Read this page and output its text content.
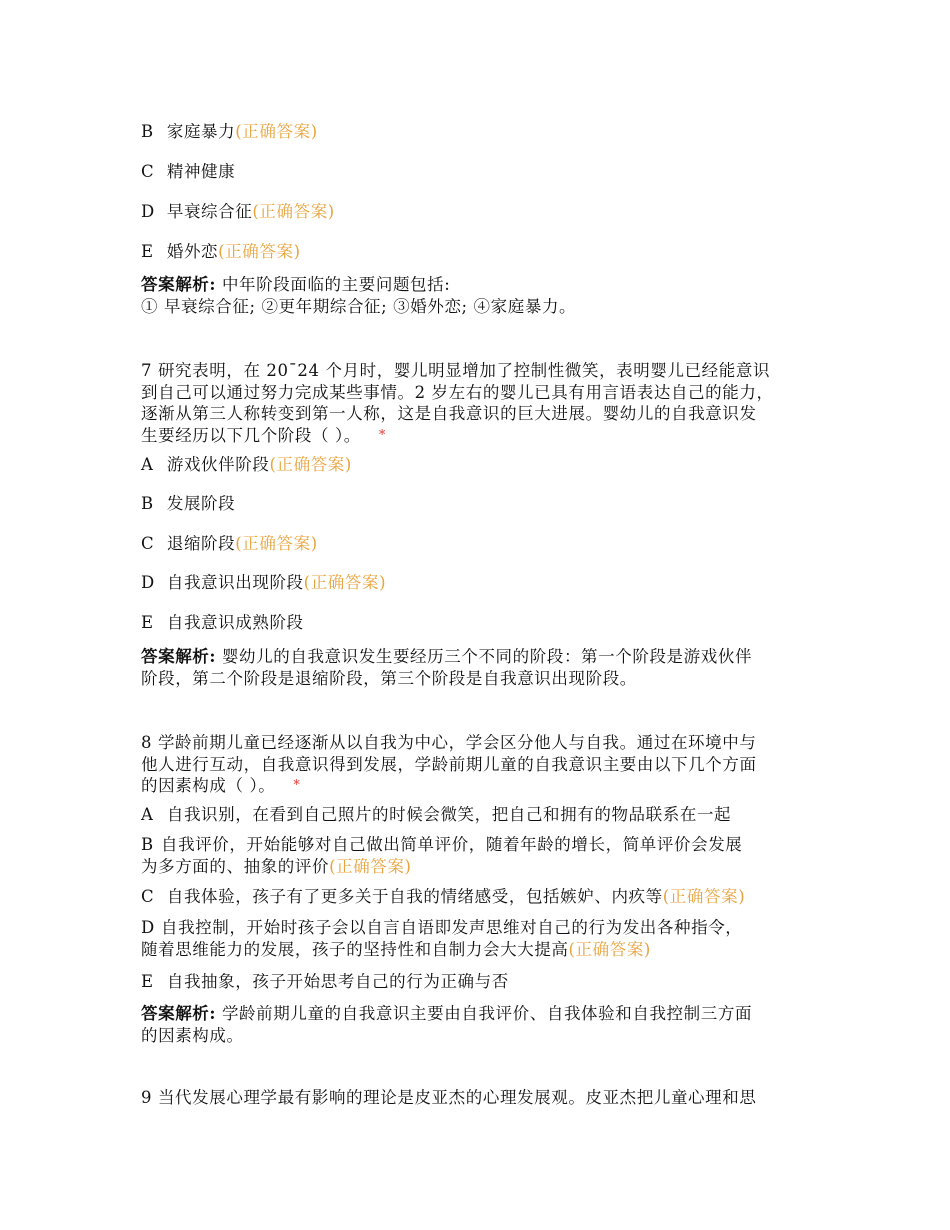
B 家庭暴力(正确答案)
C 精神健康
D 早衰综合征(正确答案)
E 婚外恋(正确答案)
答案解析: 中年阶段面临的主要问题包括:
① 早衰综合征; ②更年期综合征; ③婚外恋; ④家庭暴力。
7 研究表明，在 20¯24 个月时，婴儿明显增加了控制性微笑，表明婴儿已经能意识
到自己可以通过努力完成某些事情。2 岁左右的婴儿已具有用言语表达自己的能力，
逐渐从第三人称转变到第一人称，这是自我意识的巨大进展。婴幼儿的自我意识发
生要经历以下几个阶段（ ）。 *
A 游戏伙伴阶段(正确答案)
B 发展阶段
C 退缩阶段(正确答案)
D 自我意识出现阶段(正确答案)
E 自我意识成熟阶段
答案解析: 婴幼儿的自我意识发生要经历三个不同的阶段：第一个阶段是游戏伙伴
阶段，第二个阶段是退缩阶段，第三个阶段是自我意识出现阶段。
8 学龄前期儿童已经逐渐从以自我为中心，学会区分他人与自我。通过在环境中与
他人进行互动，自我意识得到发展，学龄前期儿童的自我意识主要由以下几个方面
的因素构成（ ）。 *
A 自我识别，在看到自己照片的时候会微笑，把自己和拥有的物品联系在一起
B 自我评价，开始能够对自己做出简单评价，随着年龄的增长，简单评价会发展
为多方面的、抽象的评价(正确答案)
C 自我体验，孩子有了更多关于自我的情绪感受，包括嫉妒、内疚等(正确答案)
D 自我控制，开始时孩子会以自言自语即发声思维对自己的行为发出各种指令，
随着思维能力的发展，孩子的坚持性和自制力会大大提高(正确答案)
E 自我抽象，孩子开始思考自己的行为正确与否
答案解析: 学龄前期儿童的自我意识主要由自我评价、自我体验和自我控制三方面
的因素构成。
9 当代发展心理学最有影响的理论是皮亚杰的心理发展观。皮亚杰把儿童心理和思
